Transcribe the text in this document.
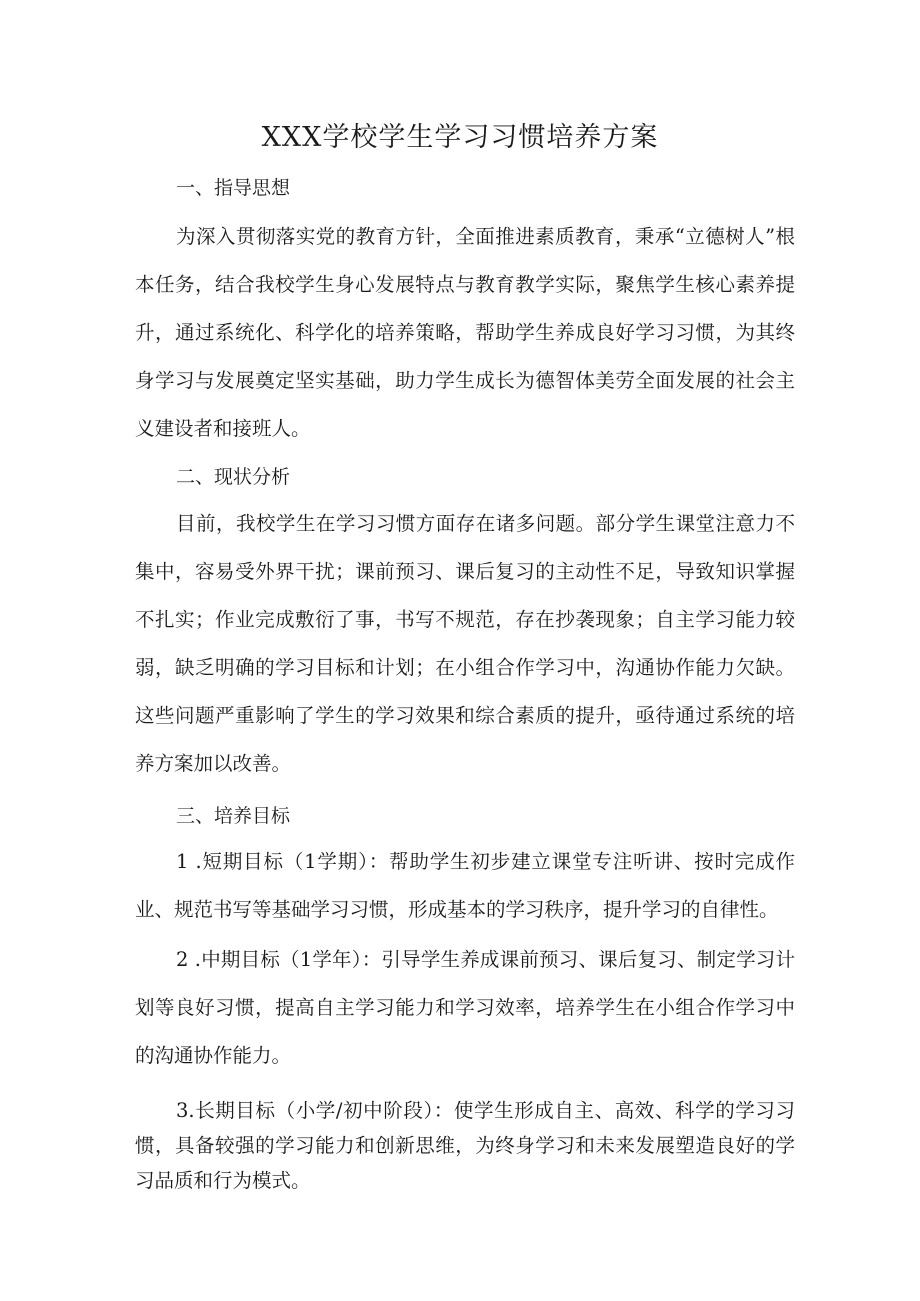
XXX学校学生学习习惯培养方案
一、指导思想

为深入贯彻落实党的教育方针，全面推进素质教育，秉承“立德树人”根本任务，结合我校学生身心发展特点与教育教学实际，聚焦学生核心素养提升，通过系统化、科学化的培养策略，帮助学生养成良好学习习惯，为其终身学习与发展奠定坚实基础，助力学生成长为德智体美劳全面发展的社会主义建设者和接班人。

二、现状分析

目前，我校学生在学习习惯方面存在诸多问题。部分学生课堂注意力不集中，容易受外界干扰；课前预习、课后复习的主动性不足，导致知识掌握不扎实；作业完成敷衍了事，书写不规范，存在抄袭现象；自主学习能力较弱，缺乏明确的学习目标和计划；在小组合作学习中，沟通协作能力欠缺。这些问题严重影响了学生的学习效果和综合素质的提升，亟待通过系统的培养方案加以改善。

三、培养目标

1 .短期目标（1学期）：帮助学生初步建立课堂专注听讲、按时完成作业、规范书写等基础学习习惯，形成基本的学习秩序，提升学习的自律性。

2 .中期目标（1学年）：引导学生养成课前预习、课后复习、制定学习计划等良好习惯，提高自主学习能力和学习效率，培养学生在小组合作学习中的沟通协作能力。

3.长期目标（小学/初中阶段）：使学生形成自主、高效、科学的学习习惯，具备较强的学习能力和创新思维，为终身学习和未来发展塑造良好的学习品质和行为模式。
